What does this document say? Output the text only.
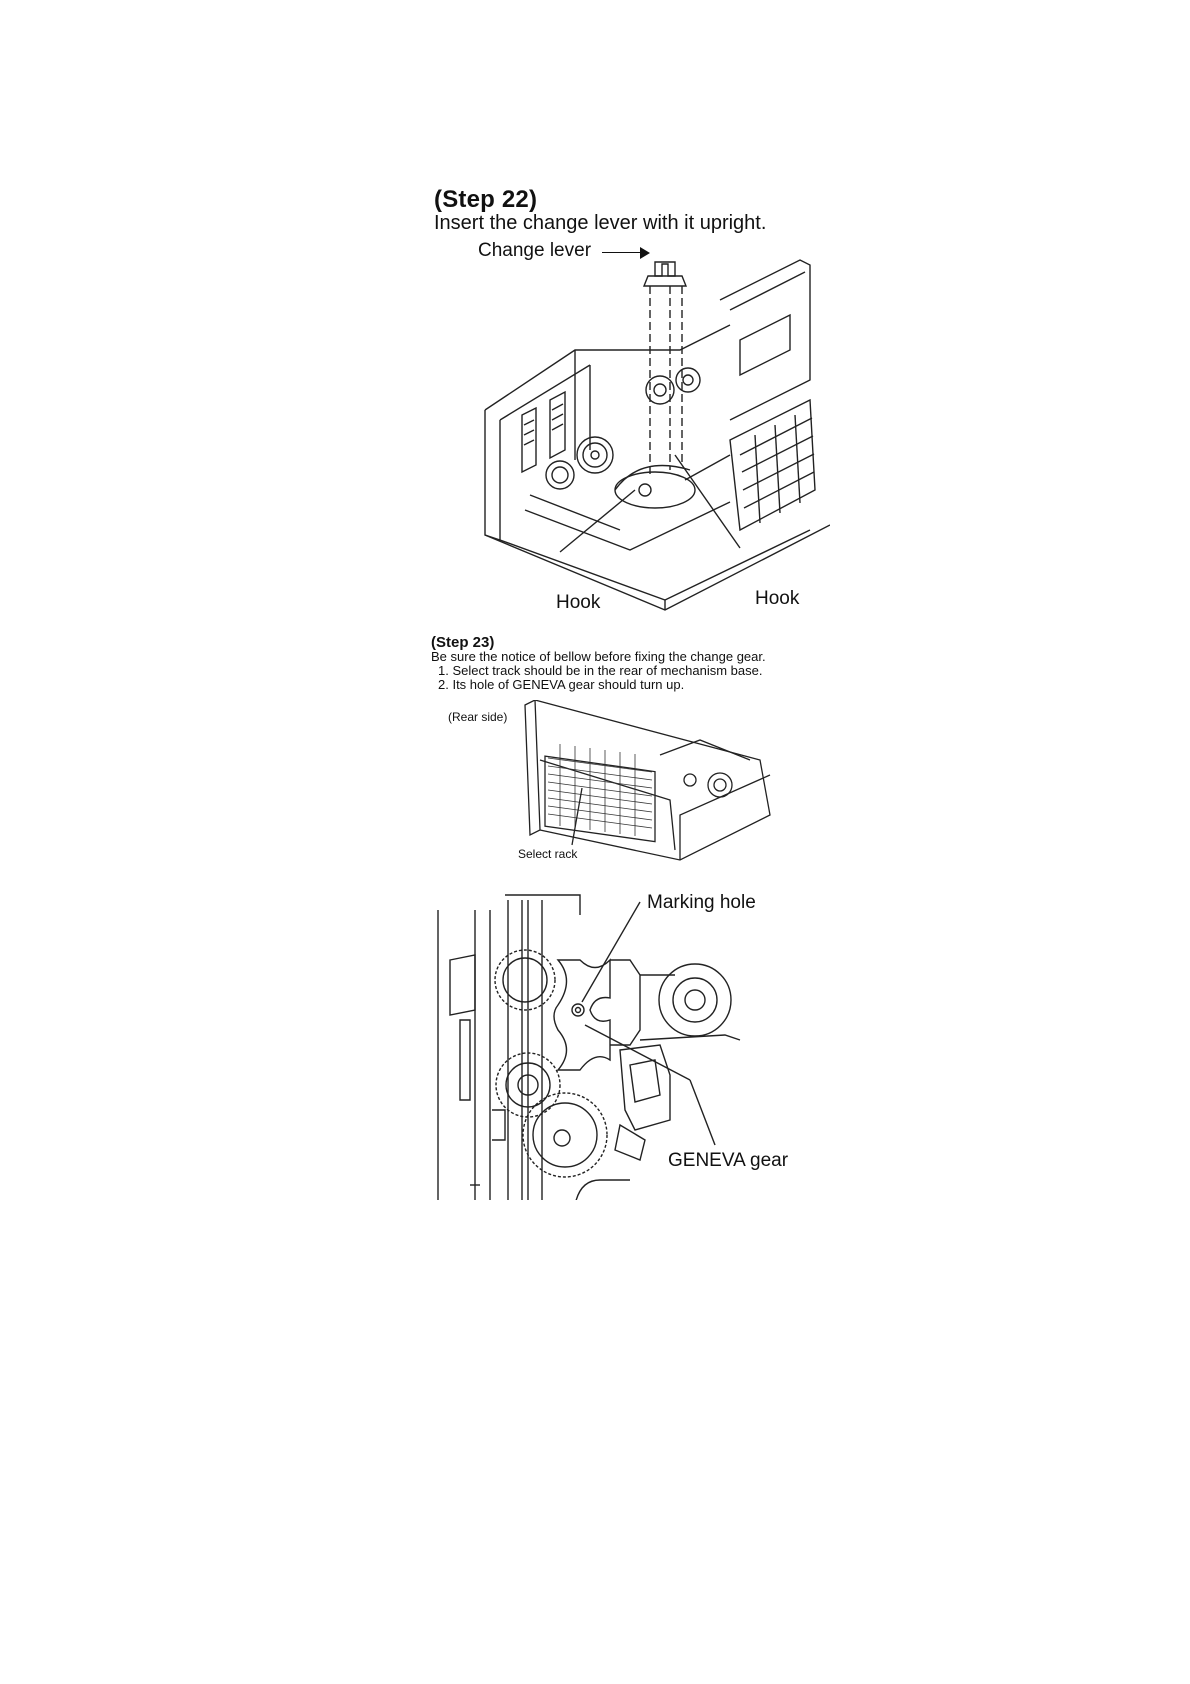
(Step 22)
Insert the change lever with it upright.
Change lever
Hook	Hook
(Step 23)
Be sure the notice of bellow before fixing the change gear.
1. Select track should be in the rear of mechanism base.
2. Its hole of GENEVA gear should turn up.
(Rear side)
Select rack
Marking hole
GENEVA gear
